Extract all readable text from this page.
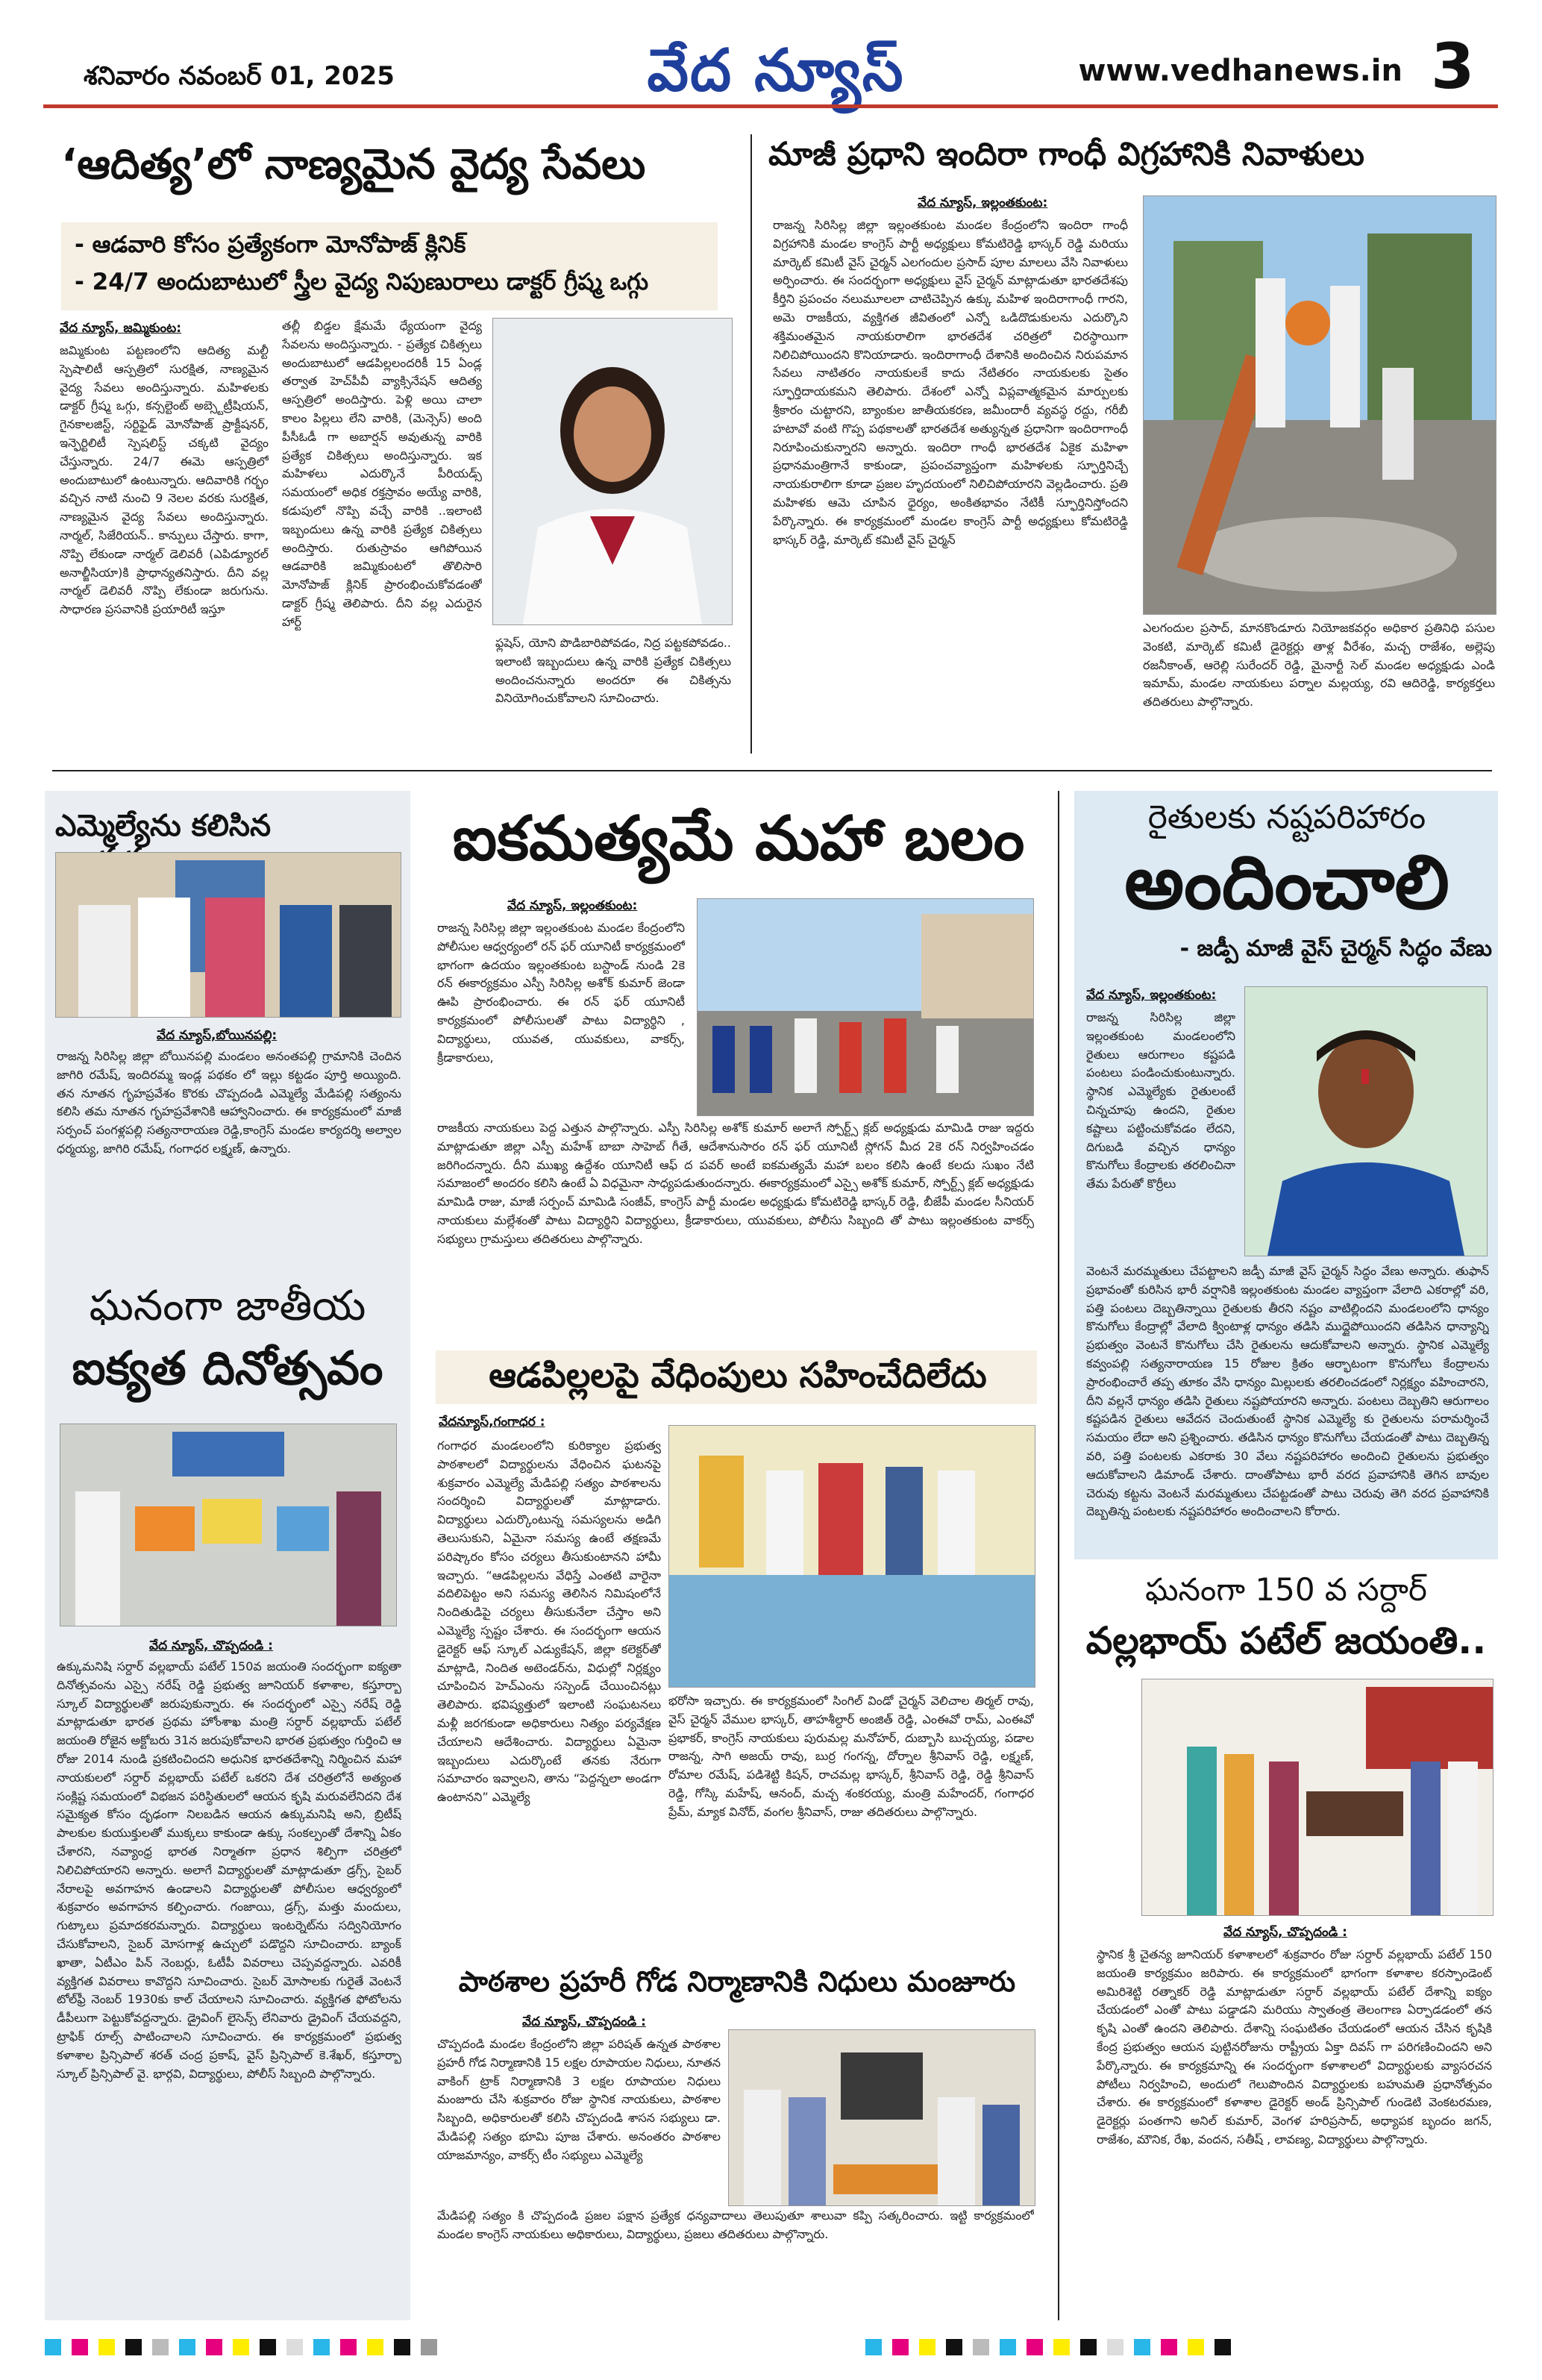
శనివారం నవంబర్ 01, 2025	వేద న్యూస్	www.vedhanews.in 3
‘ఆదిత్య’లో నాణ్యమైన వైద్య సేవలు
- ఆడవారి కోసం ప్రత్యేకంగా మోనోపాజ్ క్లినిక్
- 24/7 అందుబాటులో స్త్రీల వైద్య నిపుణురాలు డాక్టర్ గ్రీష్మ ఒగ్గు
వేద న్యూస్, జమ్మికుంట:
జమ్మికుంట పట్టణంలోని ఆదిత్య మల్టీ స్పెషాలిటీ ఆస్పత్రిలో సురక్షిత, నాణ్యమైన వైద్య సేవలు అందిస్తున్నారు. మహిళలకు డాక్టర్ గ్రీష్మ ఒగ్గు, కన్సల్టెంట్ అబ్స్టెట్రీషియన్, గైనకాలజిస్ట్, సర్టిఫైడ్ మోనోపాజ్ ప్రాక్టీషనర్, ఇన్ఫెర్టిలిటీ స్పెషలిస్ట్ చక్కటి వైద్యం చేస్తున్నారు. 24/7 ఈమె ఆస్పత్రిలో అందుబాటులో ఉంటున్నారు. ఆదివారికి గర్భం వచ్చిన నాటి నుంచి 9 నెలల వరకు సురక్షిత, నాణ్యమైన వైద్య సేవలు అందిస్తున్నారు. నార్మల్, సిజేరియన్.. కాన్పులు చేస్తారు. కాగా, నొప్పి లేకుండా నార్మల్ డెలివరీ (ఎపిడ్యూరల్ అనాల్జీసియా)కి ప్రాధాన్యతనిస్తారు. దీని వల్ల నార్మల్ డెలివరీ నొప్పి లేకుండా జరుగును. సాధారణ ప్రసవానికి ప్రయారిటీ ఇస్తూ
తల్లీ బిడ్డల క్షేమమే ధ్యేయంగా వైద్య సేవలను అందిస్తున్నారు. - ప్రత్యేక చికిత్సలు అందుబాటులో ఆడపిల్లలందరికీ 15 ఏండ్ల తర్వాత హెచ్‌పీవీ వ్యాక్సినేషన్ ఆదిత్య ఆస్పత్రిలో అందిస్తారు. పెళ్లి అయి చాలా కాలం పిల్లలు లేని వారికి, (మెన్సెస్) అంది పీసీఓడీ గా అబార్షన్ అవుతున్న వారికి ప్రత్యేక చికిత్సలు అందిస్తున్నారు. ఇక మహిళలు ఎదుర్కొనే పీరియడ్స్ సమయంలో అధిక రక్తస్రావం అయ్యే వారికి, కడుపులో నొప్పి వచ్చే వారికి ..ఇలాంటి ఇబ్బందులు ఉన్న వారికి ప్రత్యేక చికిత్సలు అందిస్తారు. రుతుస్రావం ఆగిపోయిన ఆడవారికి జమ్మికుంటలో తొలిసారి మోనోపాజ్ క్లినిక్ ప్రారంభించుకోవడంతో డాక్టర్ గ్రీష్మ తెలిపారు. దీని వల్ల ఎదురైన హార్ట్
ఫ్లషెస్, యోని పొడిబారిపోవడం, నిద్ర పట్టకపోవడం.. ఇలాంటి ఇబ్బందులు ఉన్న వారికి ప్రత్యేక చికిత్సలు అందించనున్నారు అందరూ ఈ చికిత్సను వినియోగించుకోవాలని సూచించారు.
మాజీ ప్రధాని ఇందిరా గాంధీ విగ్రహానికి నివాళులు
వేద న్యూస్, ఇల్లంతకుంట:
రాజన్న సిరిసిల్ల జిల్లా ఇల్లంతకుంట మండల కేంద్రంలోని ఇందిరా గాంధీ విగ్రహానికి మండల కాంగ్రెస్ పార్టీ అధ్యక్షులు కోమటిరెడ్డి భాస్కర్ రెడ్డి మరియు మార్కెట్ కమిటీ వైస్ చైర్మన్ ఎలగందుల ప్రసాద్ పూల మాలలు వేసి నివాళులు అర్పించారు. ఈ సందర్భంగా అధ్యక్షులు వైస్ చైర్మన్ మాట్లాడుతూ భారతదేశపు కీర్తిని ప్రపంచం నలుమూలలా చాటిచెప్పిన ఉక్కు మహిళ ఇందిరాగాంధీ గారని, అమె రాజకీయ, వ్యక్తిగత జీవితంలో ఎన్నో ఒడిదొడుకులను ఎదుర్కొని శక్తిమంతమైన నాయకురాలిగా భారతదేశ చరిత్రలో చిరస్థాయిగా నిలిచిపోయిందని కొనియాడారు. ఇందిరాగాంధీ దేశానికి అందించిన నిరుపమాన సేవలు నాటితరం నాయకులకే కాదు నేటితరం నాయకులకు సైతం స్ఫూర్తిదాయకమని తెలిపారు. దేశంలో ఎన్నో విప్లవాత్మకమైన మార్పులకు శ్రీకారం చుట్టారని, బ్యాంకుల జాతీయకరణ, జమీందారీ వ్యవస్థ రద్దు, గరీబీ హటావో వంటి గొప్ప పథకాలతో భారతదేశ అత్యున్నత ప్రధానిగా ఇందిరాగాంధీ నిరూపించుకున్నారని అన్నారు. ఇందిరా గాంధీ భారతదేశ ఏకైక మహిళా ప్రధానమంత్రిగానే కాకుండా, ప్రపంచవ్యాప్తంగా మహిళలకు స్ఫూర్తినిచ్చే నాయకురాలిగా కూడా ప్రజల హృదయంలో నిలిచిపోయారని వెల్లడించారు. ప్రతి మహిళకు ఆమె చూపిన ధైర్యం, అంకితభావం నేటికీ స్ఫూర్తినిస్తోందని పేర్కొన్నారు. ఈ కార్యక్రమంలో మండల కాంగ్రెస్ పార్టీ అధ్యక్షులు కోమటిరెడ్డి భాస్కర్ రెడ్డి, మార్కెట్ కమిటీ వైస్ చైర్మన్
ఎలగందుల ప్రసాద్, మానకొండూరు నియోజకవర్గం అధికార ప్రతినిధి పసుల వెంకటి, మార్కెట్ కమిటీ డైరెక్టర్లు తాళ్ల వీరేశం, మచ్చ రాజేశం, అల్లెపు రజనీకాంత్, ఆరెల్లి సురేందర్ రెడ్డి, మైనార్టీ సెల్ మండల అధ్యక్షుడు ఎండి ఇమామ్, మండల నాయకులు పర్నాల మల్లయ్య, రవి ఆదిరెడ్డి, కార్యకర్తలు తదితరులు పాల్గొన్నారు.
ఎమ్మెల్యేను కలిసిన
వేద న్యూస్,బోయినపల్లి:
రాజన్న సిరిసిల్ల జిల్లా బోయినపల్లి మండలం అనంతపల్లి గ్రామానికి చెందిన జాగిరి రమేష్, ఇందిరమ్మ ఇండ్ల పథకం లో ఇల్లు కట్టడం పూర్తి అయ్యింది. తన నూతన గృహప్రవేశం కొరకు చొప్పదండి ఎమ్మెల్యే మేడిపల్లి సత్యంను కలిసి తమ నూతన గృహప్రవేశానికి ఆహ్వానించారు. ఈ కార్యక్రమంలో మాజీ సర్పంచ్ పంగళ్లపల్లి సత్యనారాయణ రెడ్డి,కాంగ్రెస్ మండల కార్యదర్శి అల్వాల ధర్మయ్య, జాగిరి రమేష్, గంగాధర లక్ష్మణ్, ఉన్నారు.
ఘనంగా జాతీయ
ఐక్యత దినోత్సవం
వేద న్యూస్, చొప్పదండి :
ఉక్కుమనిషి సర్దార్ వల్లభాయ్ పటేల్ 150వ జయంతి సందర్భంగా ఐక్యతా దినోత్సవంను ఎస్సై నరేష్ రెడ్డి ప్రభుత్వ జూనియర్ కళాశాల, కస్తూర్బా స్కూల్ విద్యార్థులతో జరుపుకున్నారు. ఈ సందర్భంలో ఎస్సై నరేష్ రెడ్డి మాట్లాడుతూ భారత ప్రథమ హోంశాఖ మంత్రి సర్దార్ వల్లభాయ్ పటేల్ జయంతి రోజైన అక్టోబరు 31న జరుపుకోవాలని భారత ప్రభుత్వం గుర్తించి ఆ రోజు 2014 నుండి ప్రకటించిందని అధునిక భారతదేశాన్ని నిర్మించిన మహా నాయకులలో సర్దార్ వల్లభాయ్ పటేల్ ఒకరని దేశ చరిత్రలోనే అత్యంత సంక్లిష్ట సమయంలో విభజన పరిస్థితులలో ఆయన కృషి మరువలేనిదని దేశ సమైక్యత కోసం దృఢంగా నిలబడిన ఆయన ఉక్కుమనిషి అని, బ్రిటీష్ పాలకుల కుయుక్తులతో ముక్కలు కాకుండా ఉక్కు సంకల్పంతో దేశాన్ని ఏకం చేశారని, నవ్యాంధ్ర భారత నిర్మాతగా ప్రధాన శిల్పిగా చరిత్రలో నిలిచిపోయారని అన్నారు. అలాగే విద్యార్థులతో మాట్లాడుతూ డ్రగ్స్, సైబర్ నేరాలపై అవగాహన ఉండాలని విద్యార్థులతో పోలీసుల ఆధ్వర్యంలో శుక్రవారం అవగాహన కల్పించారు. గంజాయి, డ్రగ్స్, మత్తు మందులు, గుట్కాలు ప్రమాదకరమన్నారు. విద్యార్థులు ఇంటర్నెట్‌ను సద్వినియోగం చేసుకోవాలని, సైబర్ మోసగాళ్ల ఉచ్చులో పడొద్దని సూచించారు. బ్యాంక్ ఖాతా, ఏటీఎం పిన్ నెంబర్లు, ఓటీపీ వివరాలు చెప్పవద్దన్నారు. ఎవరికీ వ్యక్తిగత వివరాలు కావొద్దని సూచించారు. సైబర్ మోసాలకు గురైతే వెంటనే టోల్‌ఫ్రీ నెంబర్ 1930కు కాల్ చేయాలని సూచించారు. వ్యక్తిగత ఫోటోలను డీపీలుగా పెట్టుకోవద్దన్నారు. డ్రైవింగ్ లైసెన్స్ లేనివారు డ్రైవింగ్ చేయవద్దని, ట్రాఫిక్ రూల్స్ పాటించాలని సూచించారు. ఈ కార్యక్రమంలో ప్రభుత్వ కళాశాల ప్రిన్సిపాల్ శరత్ చంద్ర ప్రకాష్, వైస్ ప్రిన్సిపాల్ కె.శేఖర్, కస్తూర్బా స్కూల్ ప్రిన్సిపాల్ వై. భార్గవి, విద్యార్థులు, పోలీస్ సిబ్బంది పాల్గొన్నారు.
ఐకమత్యమే మహా బలం
వేద న్యూస్, ఇల్లంతకుంట:
రాజన్న సిరిసిల్ల జిల్లా ఇల్లంతకుంట మండల కేంద్రంలోని పోలీసుల ఆధ్వర్యంలో రన్ ఫర్ యూనిటీ కార్యక్రమంలో భాగంగా ఉదయం ఇల్లంతకుంట బస్టాండ్ నుండి 2కె రన్ ఈకార్యక్రమం ఎస్పీ సిరిసిల్ల అశోక్ కుమార్ జెండా ఊపి ప్రారంభించారు. ఈ రన్ ఫర్ యూనిటీ కార్యక్రమంలో పోలీసులతో పాటు విద్యార్థిని , విద్యార్థులు, యువత, యువకులు, వాకర్స్, క్రీడాకారులు,
రాజకీయ నాయకులు పెద్ద ఎత్తున పాల్గొన్నారు. ఎస్పీ సిరిసిల్ల అశోక్ కుమార్ అలాగే స్పోర్ట్స్ క్లబ్ అధ్యక్షుడు మామిడి రాజు ఇద్దరు మాట్లాడుతూ జిల్లా ఎస్పీ మహేశ్ బాబా సాహెబ్ గీతే, ఆదేశానుసారం రన్ ఫర్ యూనిటీ స్లోగన్ మీద 2కె రన్ నిర్వహించడం జరిగిందన్నారు. దీని ముఖ్య ఉద్దేశం యూనిటీ ఆఫ్ ద పవర్ అంటే ఐకమత్యమే మహా బలం కలిసి ఉంటే కలదు సుఖం నేటి సమాజంలో అందరం కలిసి ఉంటే ఏ విధమైనా సాధ్యపడుతుందన్నారు. ఈకార్యక్రమంలో ఎస్సై అశోక్ కుమార్, స్పోర్ట్స్ క్లబ్ అధ్యక్షుడు మామిడి రాజు, మాజీ సర్పంచ్ మామిడి సంజీవ్, కాంగ్రెస్ పార్టీ మండల అధ్యక్షుడు కోమటిరెడ్డి భాస్కర్ రెడ్డి, బీజేపీ మండల సీనియర్ నాయకులు మల్లేశంతో పాటు విద్యార్థిని విద్యార్థులు, క్రీడాకారులు, యువకులు, పోలీసు సిబ్బంది తో పాటు ఇల్లంతకుంట వాకర్స్ సభ్యులు గ్రామస్తులు తదితరులు పాల్గొన్నారు.
ఆడపిల్లలపై వేధింపులు సహించేదిలేదు
వేదన్యూస్,గంగాధర :
గంగాధర మండలంలోని కురిక్యాల ప్రభుత్వ పాఠశాలలో విద్యార్థులను వేధించిన ఘటనపై శుక్రవారం ఎమ్మెల్యే మేడిపల్లి సత్యం పాఠశాలను సందర్శించి విద్యార్థులతో మాట్లాడారు. విద్యార్థులు ఎదుర్కొంటున్న సమస్యలను అడిగి తెలుసుకుని, ఏమైనా సమస్య ఉంటే తక్షణమే పరిష్కారం కోసం చర్యలు తీసుకుంటానని హామీ ఇచ్చారు. “ఆడపిల్లలను వేధిస్తే ఎంతటి వారైనా వదిలిపెట్టం అని సమస్య తెలిసిన నిమిషంలోనే నిందితుడిపై చర్యలు తీసుకునేలా చేస్తాం అని ఎమ్మెల్యే స్పష్టం చేశారు. ఈ సందర్భంగా ఆయన డైరెక్టర్ ఆఫ్ స్కూల్ ఎడ్యుకేషన్, జిల్లా కలెక్టర్‌తో మాట్లాడి, నిందిత అటెండర్‌ను, విధుల్లో నిర్లక్ష్యం చూపించిన హెచ్‌ఎంను సస్పెండ్ చేయించినట్లు తెలిపారు. భవిష్యత్తులో ఇలాంటి సంఘటనలు మళ్లీ జరగకుండా అధికారులు నిత్యం పర్యవేక్షణ చేయాలని ఆదేశించారు. విద్యార్థులు ఏమైనా ఇబ్బందులు ఎదుర్కొంటే తనకు నేరుగా సమాచారం ఇవ్వాలని, తాను “పెద్దన్నలా అండగా ఉంటానని” ఎమ్మెల్యే
భరోసా ఇచ్చారు. ఈ కార్యక్రమంలో సింగిల్ విండో చైర్మన్ వెలిచాల తిర్మల్ రావు, వైస్ చైర్మన్ వేముల భాస్కర్, తాహశీల్దార్ అంజిత్ రెడ్డి, ఎంఈవో రామ్, ఎంఈవో ప్రభాకర్, కాంగ్రెస్ నాయకులు పురుమల్ల మనోహర్, దుబ్బాసి బుచ్చయ్య, పడాల రాజన్న, సాగి అజయ్ రావు, బుర్ర గంగన్న, దోర్నాల శ్రీనివాస్ రెడ్డి, లక్ష్మణ్, రోమాల రమేష్, పడిశెట్టి కిషన్, రాచమల్ల భాస్కర్, శ్రీనివాస్ రెడ్డి, రెడ్డి శ్రీనివాస్ రెడ్డి, గోస్కి మహేష్, ఆనంద్, మచ్చ శంకరయ్య, మంత్రి మహేందర్, గంగాధర ప్రేమ్, మ్యాక వినోద్, వంగల శ్రీనివాస్, రాజు తదితరులు పాల్గొన్నారు.
పాఠశాల ప్రహరీ గోడ నిర్మాణానికి నిధులు మంజూరు
వేద న్యూస్, చొప్పదండి :
చొప్పదండి మండల కేంద్రంలోని జిల్లా పరిషత్ ఉన్నత పాఠశాల ప్రహరీ గోడ నిర్మాణానికి 15 లక్షల రూపాయల నిధులు, నూతన వాకింగ్ ట్రాక్ నిర్మాణానికి 3 లక్షల రూపాయల నిధులు మంజూరు చేసి శుక్రవారం రోజు స్థానిక నాయకులు, పాఠశాల సిబ్బంది, అధికారులతో కలిసి చొప్పదండి శాసన సభ్యులు డా. మేడిపల్లి సత్యం భూమి పూజ చేశారు. అనంతరం పాఠశాల యాజమాన్యం, వాకర్స్ టీం సభ్యులు ఎమ్మెల్యే
మేడిపల్లి సత్యం కి చొప్పదండి ప్రజల పక్షాన ప్రత్యేక ధన్యవాదాలు తెలుపుతూ శాలువా కప్పి సత్కరించారు. ఇట్టి కార్యక్రమంలో మండల కాంగ్రెస్ నాయకులు అధికారులు, విద్యార్థులు, ప్రజలు తదితరులు పాల్గొన్నారు.
రైతులకు నష్టపరిహారం
అందించాలి
- జడ్పీ మాజీ వైస్ చైర్మన్ సిద్ధం వేణు
వేద న్యూస్, ఇల్లంతకుంట:
రాజన్న సిరిసిల్ల జిల్లా ఇల్లంతకుంట మండలంలోని రైతులు ఆరుగాలం కష్టపడి పంటలు పండించుకుంటున్నారు. స్థానిక ఎమ్మెల్యేకు రైతులంటే చిన్నచూపు ఉందని, రైతుల కష్టాలు పట్టించుకోవడం లేదని, దిగుబడి వచ్చిన ధాన్యం కొనుగోలు కేంద్రాలకు తరలించినా తేమ పేరుతో కొర్రీలు
వెంటనే మరమ్మతులు చేపట్టాలని జడ్పీ మాజీ వైస్ చైర్మన్ సిద్ధం వేణు అన్నారు. తుఫాన్ ప్రభావంతో కురిసిన భారీ వర్షానికి ఇల్లంతకుంట మండల వ్యాప్తంగా వేలాది ఎకరాల్లో వరి, పత్తి పంటలు దెబ్బతిన్నాయి రైతులకు తీరని నష్టం వాటిల్లిందని మండలంలోని ధాన్యం కొనుగోలు కేంద్రాల్లో వేలాది క్వింటాళ్ల ధాన్యం తడిసి ముద్దైపోయిందని తడిసిన ధాన్యాన్ని ప్రభుత్వం వెంటనే కొనుగోలు చేసి రైతులను ఆదుకోవాలని అన్నారు. స్థానిక ఎమ్మెల్యే కవ్వంపల్లి సత్యనారాయణ 15 రోజుల క్రితం ఆర్భాటంగా కొనుగోలు కేంద్రాలను ప్రారంభించారే తప్ప తూకం వేసి ధాన్యం మిల్లులకు తరలించడంలో నిర్లక్ష్యం వహించారని, దీని వల్లనే ధాన్యం తడిసి రైతులు నష్టపోయారని అన్నారు. పంటలు దెబ్బతిని ఆరుగాలం కష్టపడిన రైతులు ఆవేదన చెందుతుంటే స్థానిక ఎమ్మెల్యే కు రైతులను పరామర్శించే సమయం లేదా అని ప్రశ్నించారు. తడిసిన ధాన్యం కొనుగోలు చేయడంతో పాటు దెబ్బతిన్న వరి, పత్తి పంటలకు ఎకరాకు 30 వేలు నష్టపరిహారం అందించి రైతులను ప్రభుత్వం ఆదుకోవాలని డిమాండ్ చేశారు. దాంతోపాటు భారీ వరద ప్రవాహానికి తెగిన బావుల చెరువు కట్టను వెంటనే మరమ్మతులు చేపట్టడంతో పాటు చెరువు తెగి వరద ప్రవాహానికి దెబ్బతిన్న పంటలకు నష్టపరిహారం అందించాలని కోరారు.
ఘనంగా 150 వ సర్దార్
వల్లభాయ్ పటేల్ జయంతి..
వేద న్యూస్, చొప్పదండి :
స్థానిక శ్రీ చైతన్య జూనియర్ కళాశాలలో శుక్రవారం రోజు సర్దార్ వల్లభాయ్ పటేల్ 150 జయంతి కార్యక్రమం జరిపారు. ఈ కార్యక్రమంలో భాగంగా కళాశాల కరస్పాండెంట్ అమిరిశెట్టి రత్నాకర్ రెడ్డి మాట్లాడుతూ సర్దార్ వల్లభాయ్ పటేల్ దేశాన్ని ఐక్యం చేయడంలో ఎంతో పాటు పడ్డాడని మరియు స్వాతంత్ర తెలంగాణ ఏర్పాడడంలో తన కృషి ఎంతో ఉందని తెలిపారు. దేశాన్ని సంఘటితం చేయడంలో ఆయన చేసిన కృషికి కేంద్ర ప్రభుత్వం ఆయన పుట్టినరోజును రాష్ట్రీయ ఏక్తా దివస్ గా పరిగణించిందని అని పేర్కొన్నారు. ఈ కార్యక్రమాన్ని ఈ సందర్భంగా కళాశాలలో విద్యార్థులకు వ్యాసరచన పోటీలు నిర్వహించి, అందులో గెలుపొందిన విద్యార్థులకు బహుమతి ప్రధానోత్సవం చేశారు. ఈ కార్యక్రమంలో కళాశాల డైరెక్టర్ అండ్ ప్రిన్సిపాల్ గుండెటి వెంకటరమణ, డైరెక్టర్లు పంతగాని అనిల్ కుమార్, వెంగళ హరిప్రసాద్, అధ్యాపక బృందం జగన్, రాజేశం, మౌనిక, రేఖ, వందన, సతీష్ , లావణ్య, విద్యార్థులు పాల్గొన్నారు.
